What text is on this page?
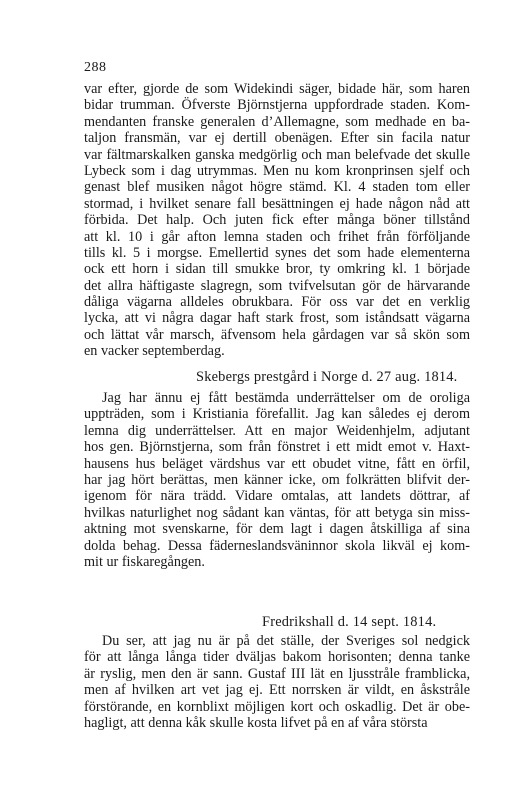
288
var efter, gjorde de som Widekindi säger, bidade här, som haren
bidar trumman. Öfverste Björnstjerna uppfordrade staden. Kom-
mendanten franske generalen d’Allemagne, som medhade en ba-
taljon fransmän, var ej dertill obenägen. Efter sin facila natur
var fältmarskalken ganska medgörlig och man belefvade det skulle
Lybeck som i dag utrymmas. Men nu kom kronprinsen sjelf och
genast blef musiken något högre stämd. Kl. 4 staden tom eller
stormad, i hvilket senare fall besättningen ej hade någon nåd att
förbida. Det halp. Och juten fick efter många böner tillstånd
att kl. 10 i går afton lemna staden och frihet från förföljande
tills kl. 5 i morgse. Emellertid synes det som hade elementerna
ock ett horn i sidan till smukke bror, ty omkring kl. 1 började
det allra häftigaste slagregn, som tvifvelsutan gör de härvarande
dåliga vägarna alldeles obrukbara. För oss var det en verklig
lycka, att vi några dagar haft stark frost, som iståndsatt vägarna
och lättat vår marsch, äfvensom hela gårdagen var så skön som
en vacker septemberdag.
Skebergs prestgård i Norge d. 27 aug. 1814.
Jag har ännu ej fått bestämda underrättelser om de oroliga
uppträden, som i Kristiania förefallit. Jag kan således ej derom
lemna dig underrättelser. Att en major Weidenhjelm, adjutant
hos gen. Björnstjerna, som från fönstret i ett midt emot v. Haxt-
hausens hus beläget värdshus var ett obudet vitne, fått en örfil,
har jag hört berättas, men känner icke, om folkrätten blifvit der-
igenom för nära trädd. Vidare omtalas, att landets döttrar, af
hvilkas naturlighet nog sådant kan väntas, för att betyga sin miss-
aktning mot svenskarne, för dem lagt i dagen åtskilliga af sina
dolda behag. Dessa fäderneslandsväninnor skola likväl ej kom-
mit ur fiskaregången.
Fredrikshall d. 14 sept. 1814.
Du ser, att jag nu är på det ställe, der Sveriges sol nedgick
för att långa långa tider dväljas bakom horisonten; denna tanke
är ryslig, men den är sann. Gustaf III lät en ljusstråle framblicka,
men af hvilken art vet jag ej. Ett norrsken är vildt, en åskstråle
förstörande, en kornblixt möjligen kort och oskadlig. Det är obe-
hagligt, att denna kåk skulle kosta lifvet på en af våra största
